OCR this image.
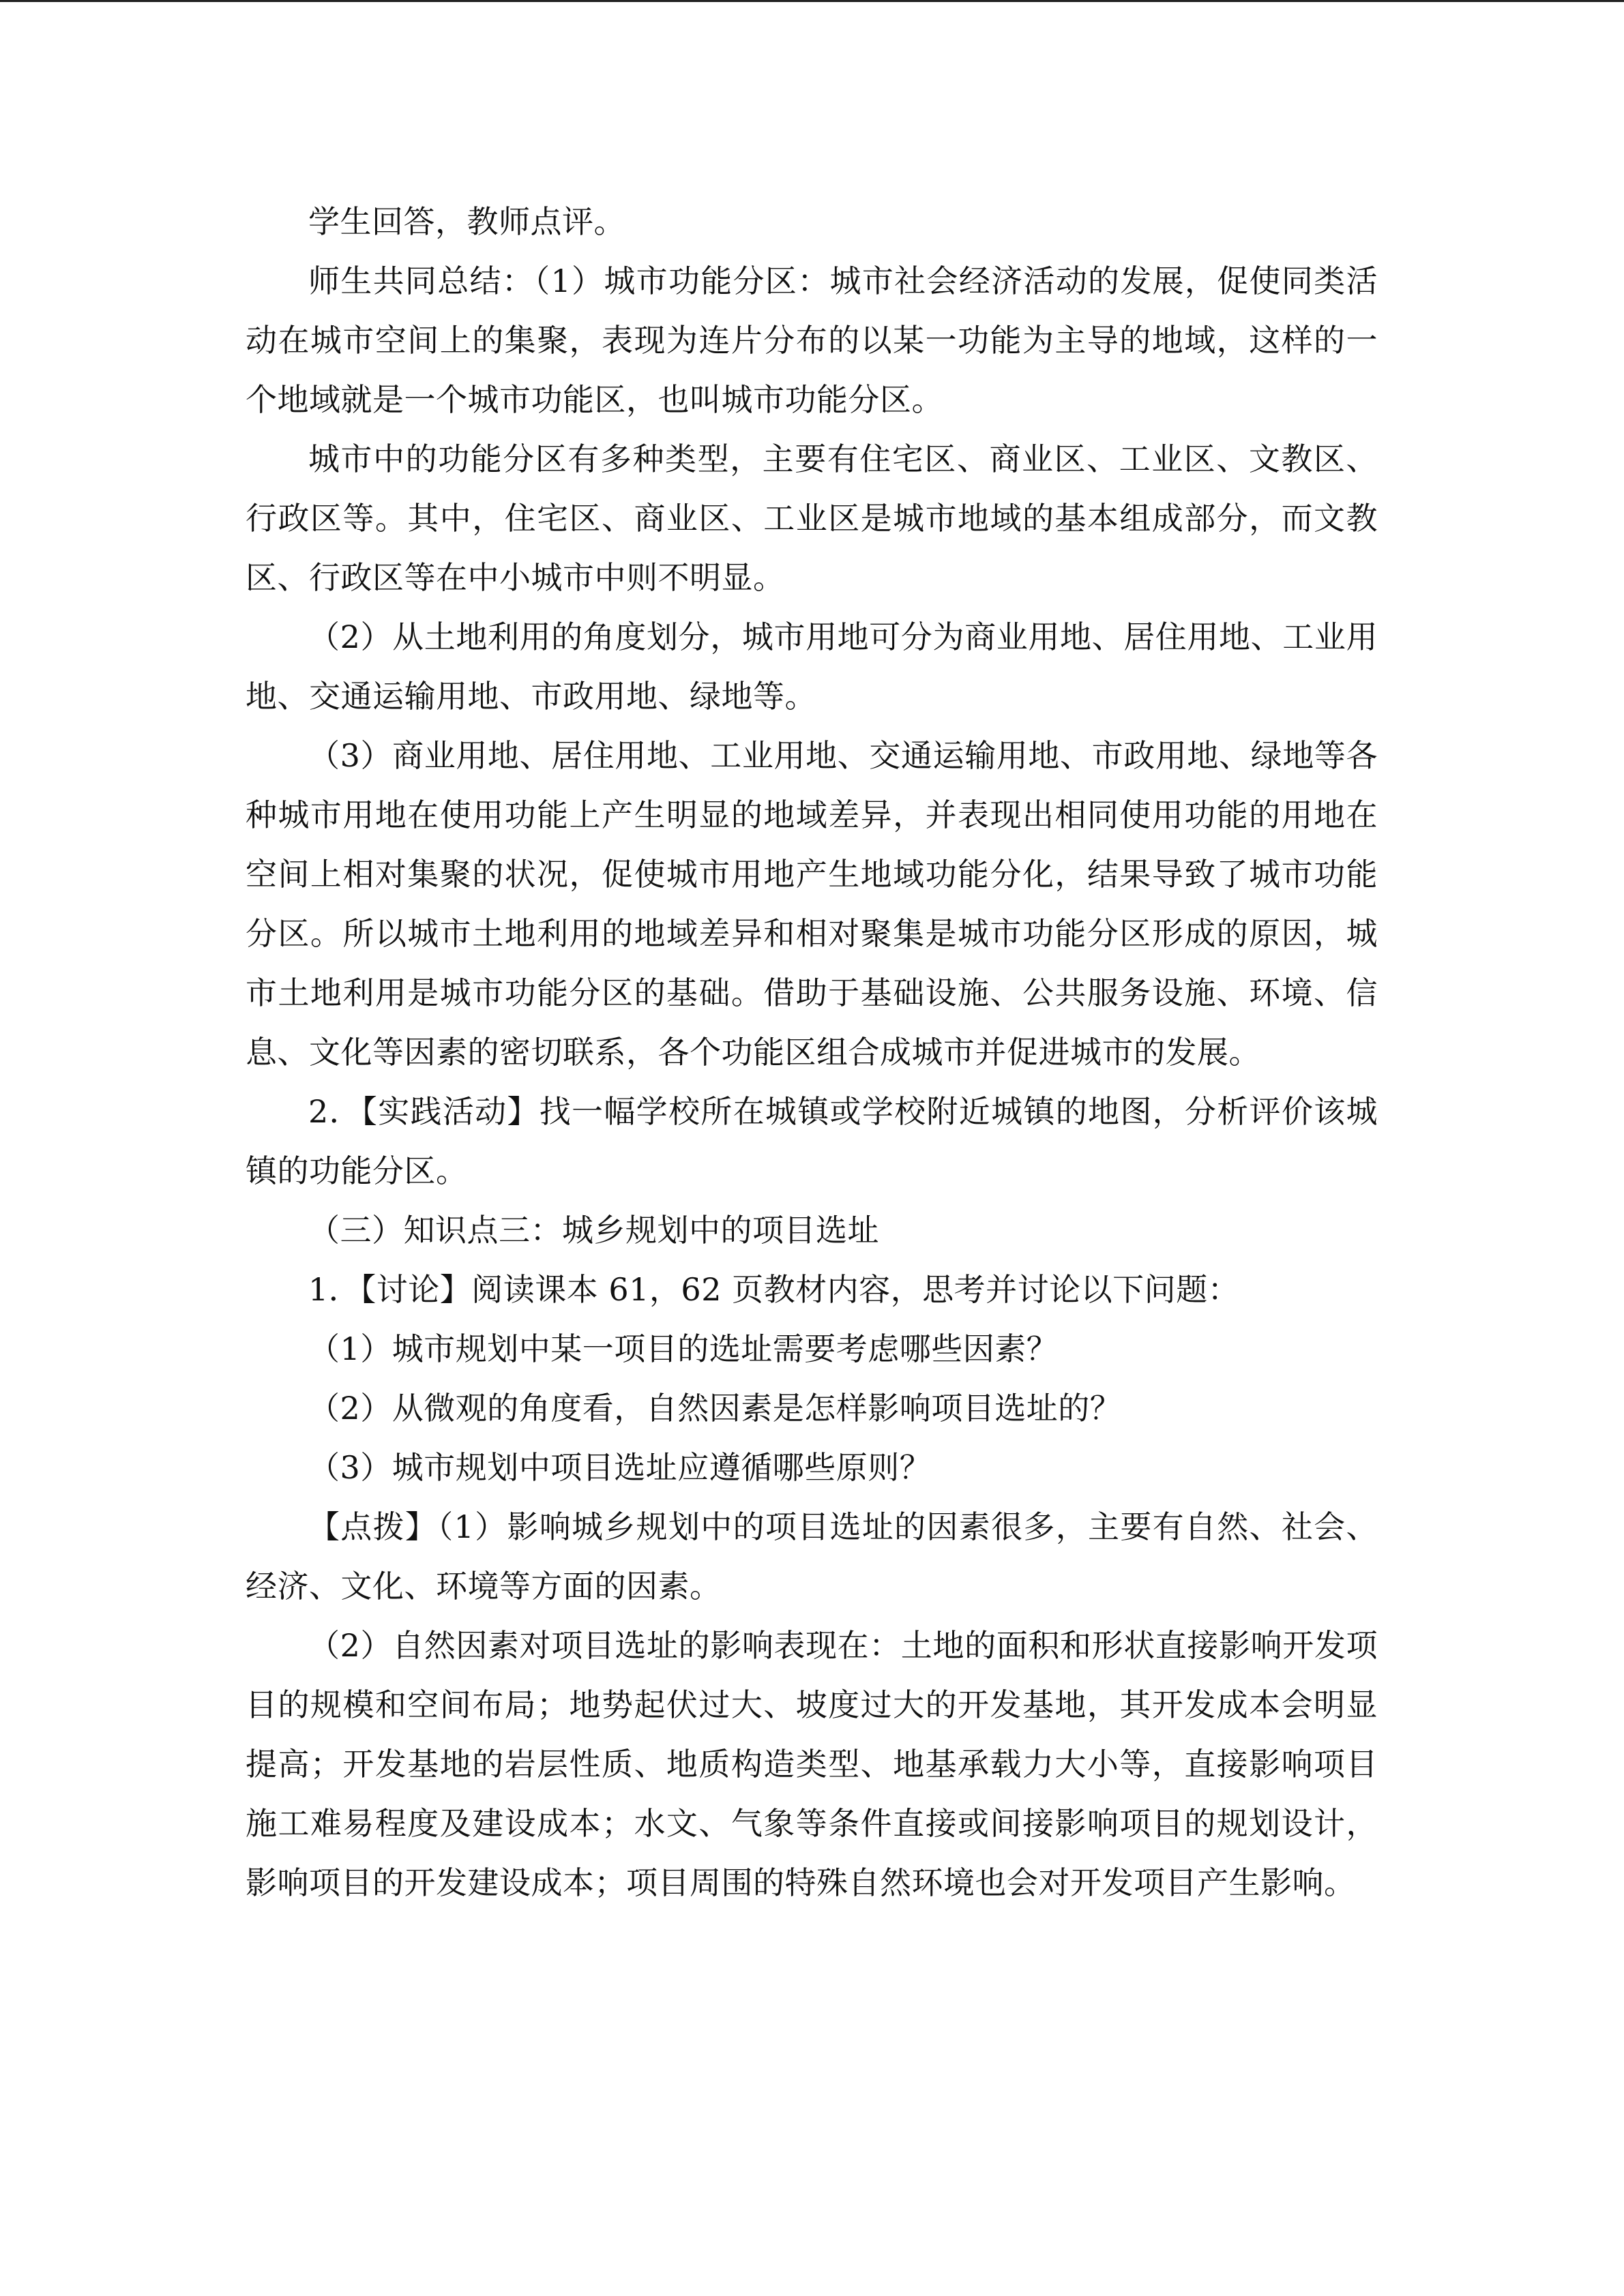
学生回答，教师点评。

师生共同总结：（1）城市功能分区：城市社会经济活动的发展，促使同类活动在城市空间上的集聚，表现为连片分布的以某一功能为主导的地域，这样的一个地域就是一个城市功能区，也叫城市功能分区。

城市中的功能分区有多种类型，主要有住宅区、商业区、工业区、文教区、行政区等。其中，住宅区、商业区、工业区是城市地域的基本组成部分，而文教区、行政区等在中小城市中则不明显。

（2）从土地利用的角度划分，城市用地可分为商业用地、居住用地、工业用地、交通运输用地、市政用地、绿地等。

（3）商业用地、居住用地、工业用地、交通运输用地、市政用地、绿地等各种城市用地在使用功能上产生明显的地域差异，并表现出相同使用功能的用地在空间上相对集聚的状况，促使城市用地产生地域功能分化，结果导致了城市功能分区。所以城市土地利用的地域差异和相对聚集是城市功能分区形成的原因，城市土地利用是城市功能分区的基础。借助于基础设施、公共服务设施、环境、信息、文化等因素的密切联系，各个功能区组合成城市并促进城市的发展。

2．【实践活动】找一幅学校所在城镇或学校附近城镇的地图，分析评价该城镇的功能分区。

（三）知识点三：城乡规划中的项目选址

1．【讨论】阅读课本 61，62 页教材内容，思考并讨论以下问题：

（1）城市规划中某一项目的选址需要考虑哪些因素？

（2）从微观的角度看，自然因素是怎样影响项目选址的？

（3）城市规划中项目选址应遵循哪些原则？

【点拨】（1）影响城乡规划中的项目选址的因素很多，主要有自然、社会、经济、文化、环境等方面的因素。

（2）自然因素对项目选址的影响表现在：土地的面积和形状直接影响开发项目的规模和空间布局；地势起伏过大、坡度过大的开发基地，其开发成本会明显提高；开发基地的岩层性质、地质构造类型、地基承载力大小等，直接影响项目施工难易程度及建设成本；水文、气象等条件直接或间接影响项目的规划设计，影响项目的开发建设成本；项目周围的特殊自然环境也会对开发项目产生影响。
